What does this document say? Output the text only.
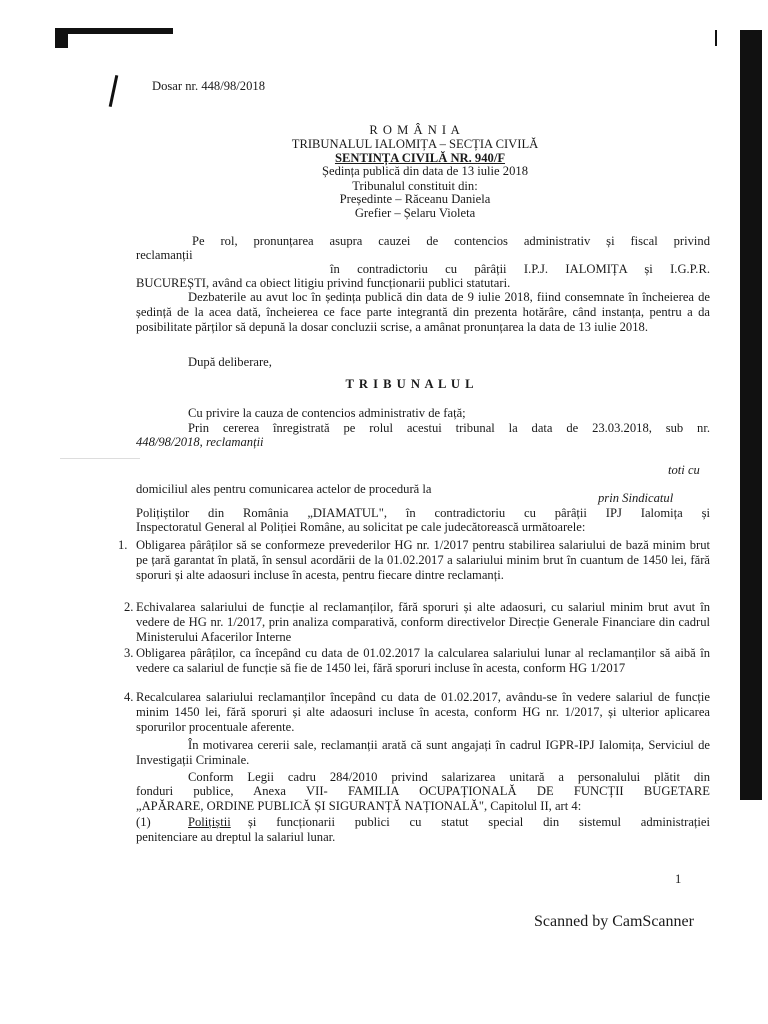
Dosar nr. 448/98/2018
R O M Â N I A
TRIBUNALUL IALOMIȚA – SECȚIA CIVILĂ
SENTINȚA CIVILĂ NR. 940/F
Ședința publică din data de 13 iulie 2018
Tribunalul constituit din:
Președinte – Răceanu Daniela
Grefier – Șelaru Violeta
Pe rol, pronunțarea asupra cauzei de contencios administrativ și fiscal privind
reclamanții
în contradictoriu cu pârâții I.P.J. IALOMIȚA și I.G.P.R.
BUCUREȘTI, având ca obiect litigiu privind funcționarii publici statutari.
Dezbaterile au avut loc în ședința publică din data de 9 iulie 2018, fiind consemnate în încheierea de ședință de la acea dată, încheierea ce face parte integrantă din prezenta hotărâre, când instanța, pentru a da posibilitate părților să depună la dosar concluzii scrise, a amânat pronunțarea la data de 13 iulie 2018.
După deliberare,
T R I B U N A L U L
Cu privire la cauza de contencios administrativ de față;
Prin cererea înregistrată pe rolul acestui tribunal la data de 23.03.2018, sub nr.
448/98/2018, reclamanții
toti cu
domiciliul ales pentru comunicarea actelor de procedură la
prin Sindicatul
Polițiștilor din România „DIAMATUL", în contradictoriu cu pârâții IPJ Ialomița și
Inspectoratul General al Poliției Române, au solicitat pe cale judecătorească următoarele:
1. Obligarea pârâților să se conformeze prevederilor HG nr. 1/2017 pentru stabilirea salariului de bază minim brut pe țară garantat în plată, în sensul acordării de la 01.02.2017 a salariului minim brut în cuantum de 1450 lei, fără sporuri și alte adaosuri incluse în acesta, pentru fiecare dintre reclamanți.
2. Echivalarea salariului de funcție al reclamanților, fără sporuri și alte adaosuri, cu salariul minim brut avut în vedere de HG nr. 1/2017, prin analiza comparativă, conform directivelor Direcție Generale Financiare din cadrul Ministerului Afacerilor Interne
3. Obligarea pârâților, ca începând cu data de 01.02.2017 la calcularea salariului lunar al reclamanților să aibă în vedere ca salariul de funcție să fie de 1450 lei, fără sporuri incluse în acesta, conform HG 1/2017
4. Recalcularea salariului reclamanților începând cu data de 01.02.2017, avându-se în vedere salariul de funcție minim 1450 lei, fără sporuri și alte adaosuri incluse în acesta, conform HG nr. 1/2017, și ulterior aplicarea sporurilor procentuale aferente.
În motivarea cererii sale, reclamanții arată că sunt angajați în cadrul IGPR-IPJ Ialomița, Serviciul de Investigații Criminale.
Conform Legii cadru 284/2010 privind salarizarea unitară a personalului plătit din
fonduri publice, Anexa VII- FAMILIA OCUPAȚIONALĂ DE FUNCȚII BUGETARE
„APĂRARE, ORDINE PUBLICĂ ȘI SIGURANȚĂ NAȚIONALĂ", Capitolul II, art 4:
(1)	Polițiștii și funcționarii publici cu statut special din sistemul administrației
penitenciare au dreptul la salariul lunar.
1
Scanned by CamScanner
